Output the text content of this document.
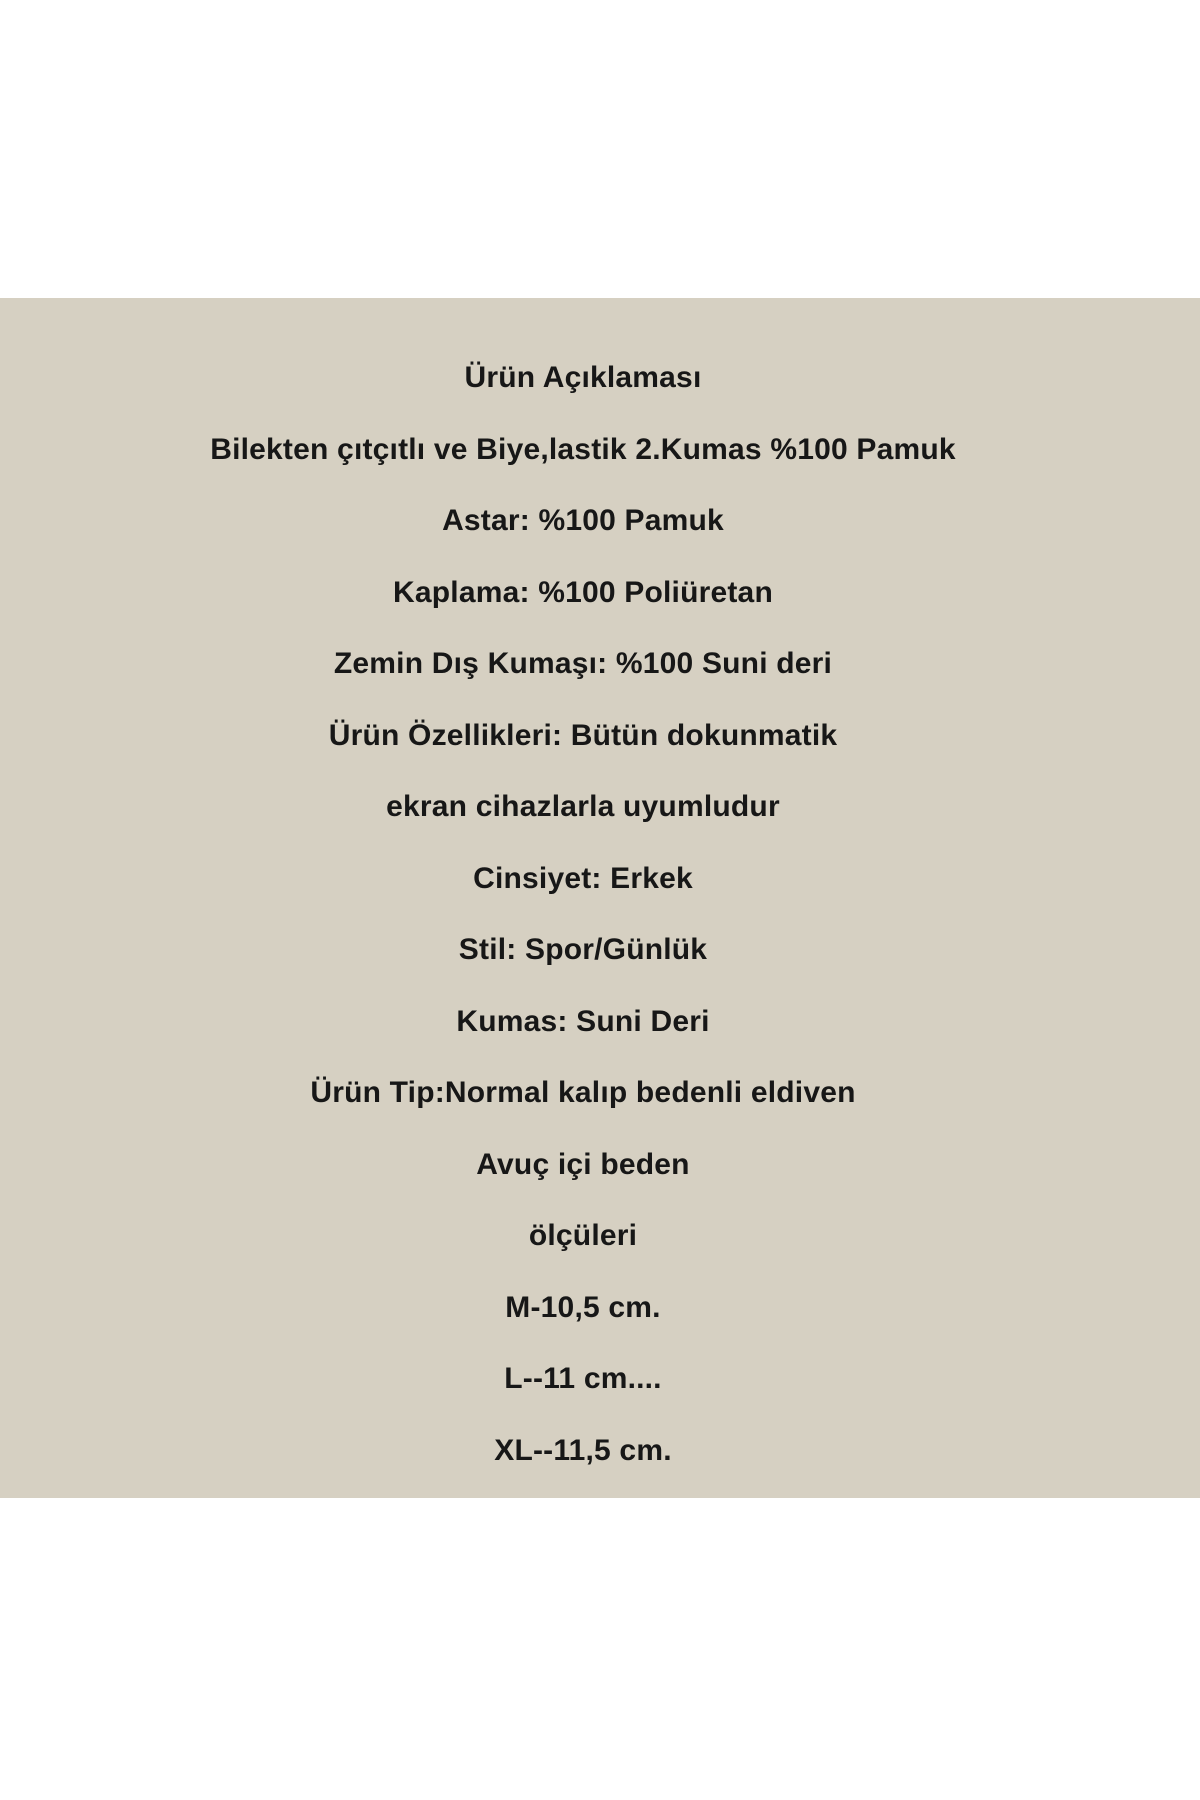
Ürün Açıklaması
Bilekten çıtçıtlı ve Biye,lastik 2.Kumas %100 Pamuk
Astar: %100 Pamuk
Kaplama: %100 Poliüretan
Zemin Dış Kumaşı: %100 Suni deri
Ürün Özellikleri: Bütün dokunmatik
ekran cihazlarla uyumludur
Cinsiyet: Erkek
Stil: Spor/Günlük
Kumas: Suni Deri
Ürün Tip:Normal kalıp bedenli eldiven
Avuç içi beden
ölçüleri
M-10,5 cm.
L--11 cm....
XL--11,5 cm.
